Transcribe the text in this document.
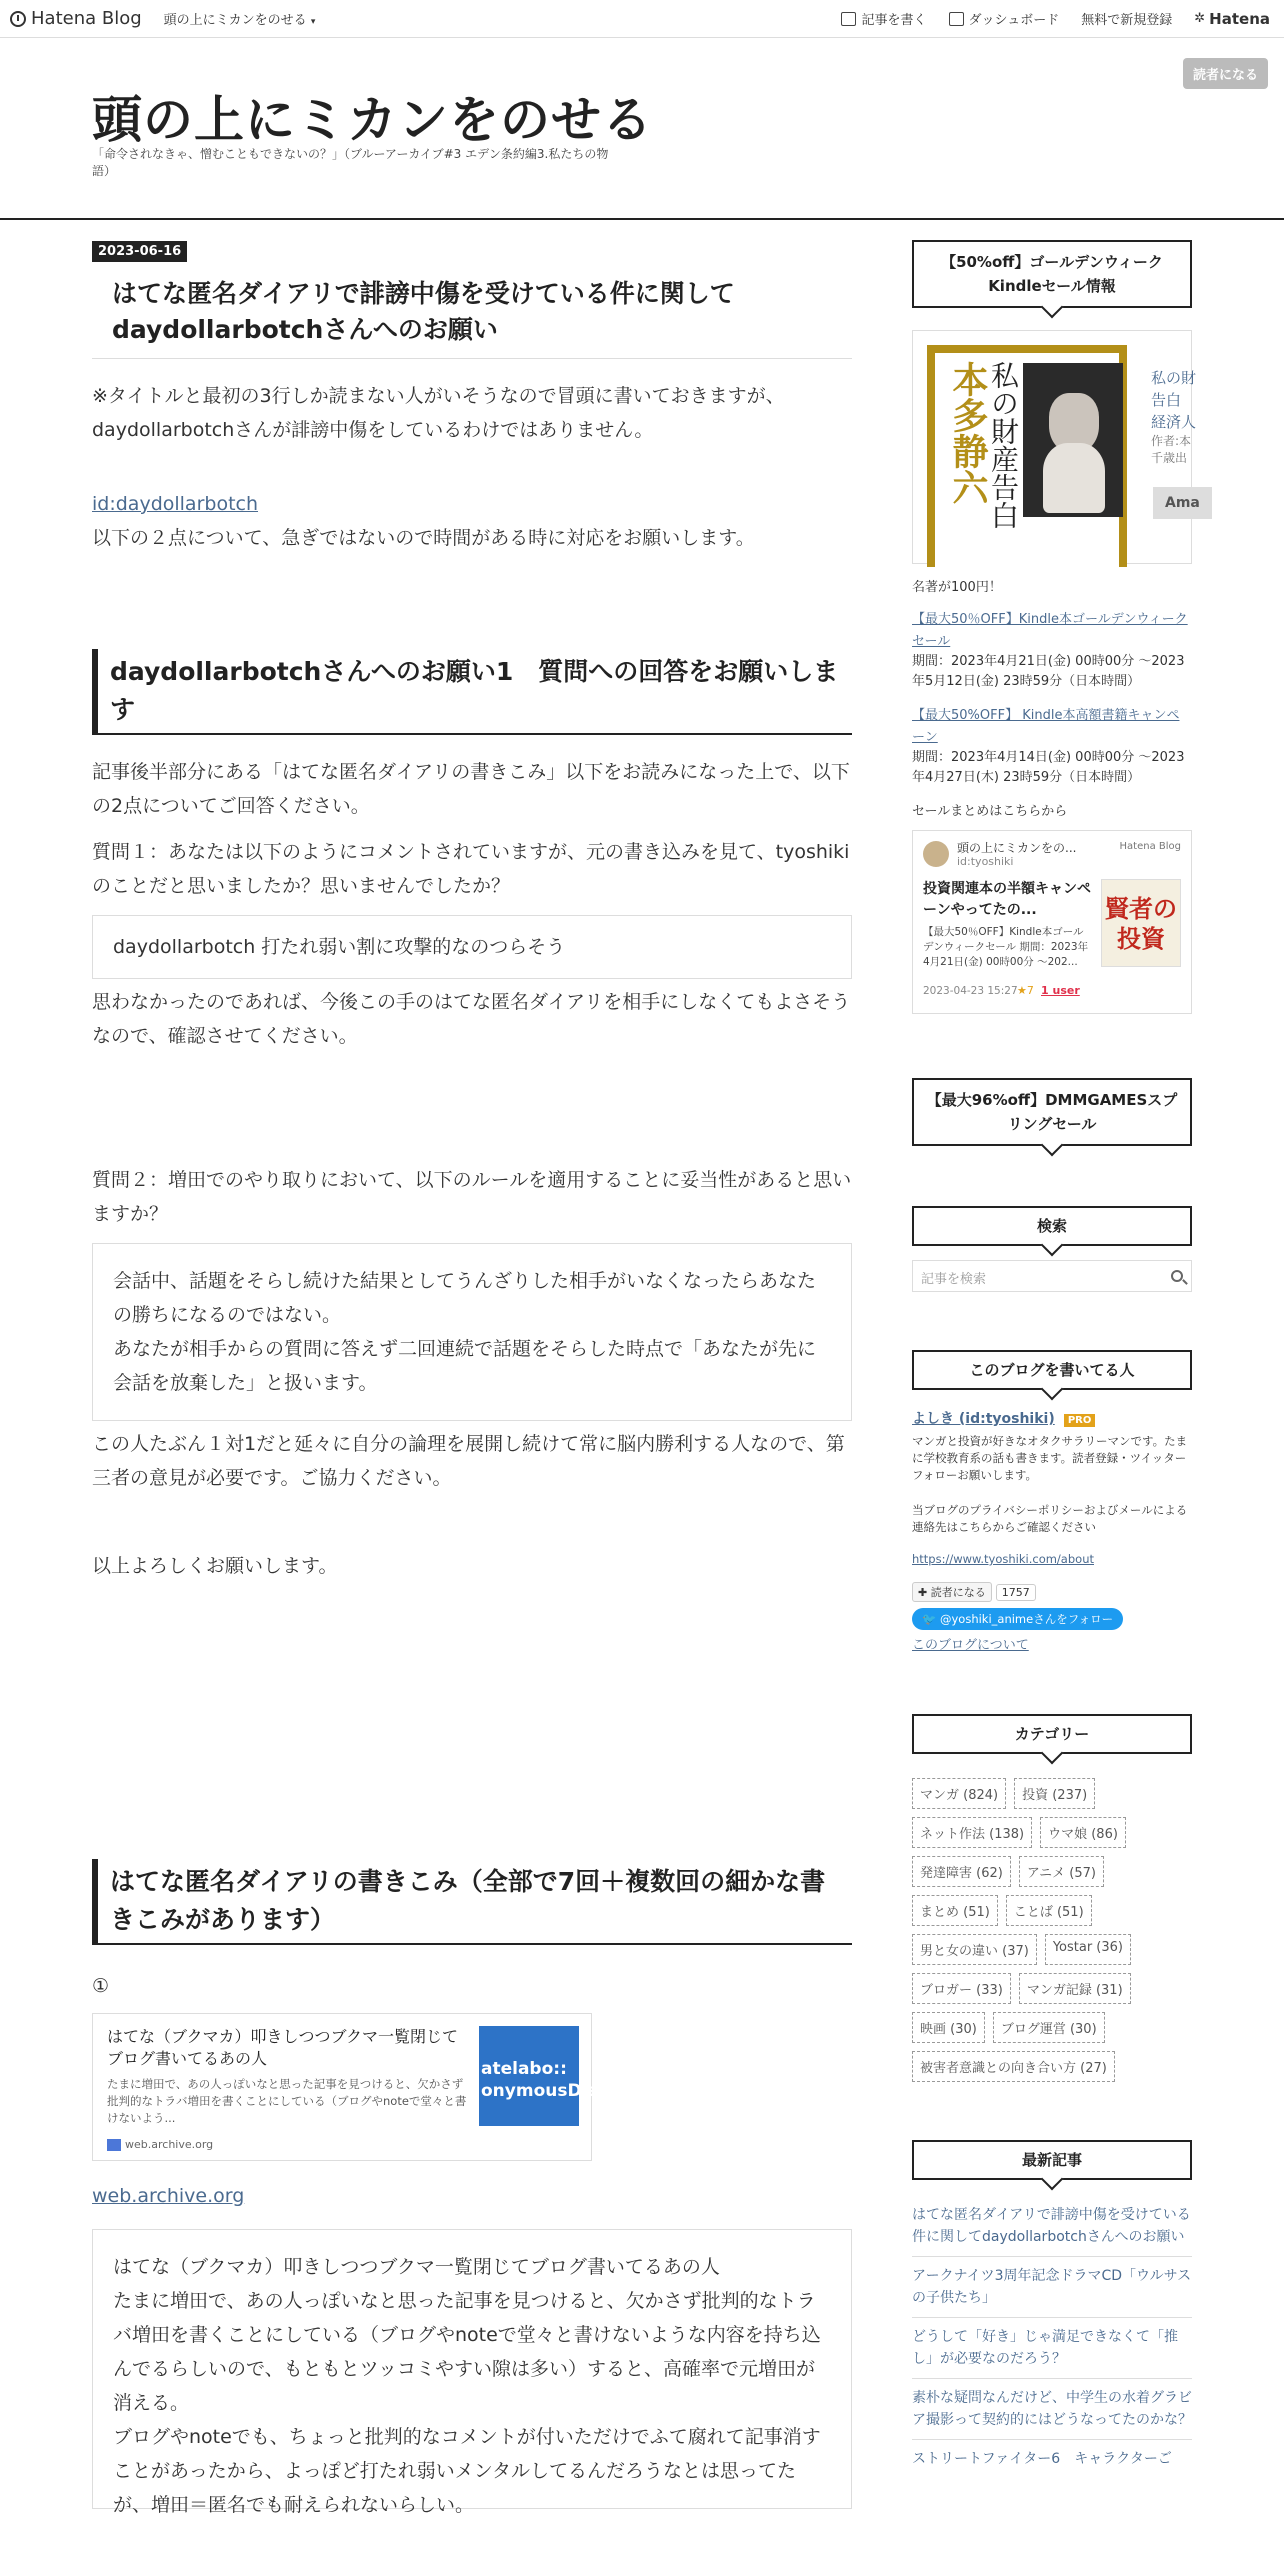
Hatena Blog 頭の上にミカンをのせる ▾	記事を書く	ダッシュボード 無料で新規登録 ✲ Hatena
頭の上にミカンをのせる
「命令されなきゃ、憎むこともできないの？」（ブルーアーカイブ#3 エデン条約編3.私たちの物語）
読者になる
2023-06-16
はてな匿名ダイアリで誹謗中傷を受けている件に関して daydollarbotchさんへのお願い
※タイトルと最初の3行しか読まない人がいそうなので冒頭に書いておきますが、daydollarbotchさんが誹謗中傷をしているわけではありません。
id:daydollarbotch
以下の２点について、急ぎではないので時間がある時に対応をお願いします。
daydollarbotchさんへのお願い1　質問への回答をお願いします
記事後半部分にある「はてな匿名ダイアリの書きこみ」以下をお読みになった上で、以下の2点についてご回答ください。
質問１：あなたは以下のようにコメントされていますが、元の書き込みを見て、tyoshikiのことだと思いましたか？思いませんでしたか？
daydollarbotch 打たれ弱い割に攻撃的なのつらそう
思わなかったのであれば、今後この手のはてな匿名ダイアリを相手にしなくてもよさそうなので、確認させてください。
質問２：増田でのやり取りにおいて、以下のルールを適用することに妥当性があると思いますか？
会話中、話題をそらし続けた結果としてうんざりした相手がいなくなったらあなたの勝ちになるのではない。
あなたが相手からの質問に答えず二回連続で話題をそらした時点で「あなたが先に会話を放棄した」と扱います。
この人たぶん１対1だと延々に自分の論理を展開し続けて常に脳内勝利する人なので、第三者の意見が必要です。ご協力ください。
以上よろしくお願いします。
はてな匿名ダイアリの書きこみ（全部で7回＋複数回の細かな書きこみがあります）
①
はてな（ブクマカ）叩きしつつブクマ一覧閉じてブログ書いてるあの人
たまに増田で、あの人っぽいなと思った記事を見つけると、欠かさず批判的なトラバ増田を書くことにしている（ブログやnoteで堂々と書けないよう...
web.archive.org
atelabo::
onymousDiar
web.archive.org
はてな（ブクマカ）叩きしつつブクマ一覧閉じてブログ書いてるあの人
たまに増田で、あの人っぽいなと思った記事を見つけると、欠かさず批判的なトラバ増田を書くことにしている（ブログやnoteで堂々と書けないような内容を持ち込んでるらしいので、もともとツッコミやすい隙は多い）すると、高確率で元増田が消える。
ブログやnoteでも、ちょっと批判的なコメントが付いただけでふて腐れて記事消すことがあったから、よっぽど打たれ弱いメンタルしてるんだろうなとは思ってたが、増田＝匿名でも耐えられないらしい。
【50%off】ゴールデンウィークKindleセール情報
本多静六
私の財産告白	私の財
告白
経済人
作者:本
千歳出
Ama
名著が100円！
【最大50％OFF】Kindle本ゴールデンウィークセール
期間：2023年4月21日(金) 00時00分 ～2023年5月12日(金) 23時59分（日本時間）
【最大50%OFF】 Kindle本高額書籍キャンペーン
期間：2023年4月14日(金) 00時00分 ～2023年4月27日(木) 23時59分（日本時間）
セールまとめはこちらから
頭の上にミカンをの...
id:tyoshiki
Hatena Blog
投資関連本の半額キャンペーンやってたの...
【最大50％OFF】Kindle本ゴールデンウィークセール 期間：2023年4月21日(金) 00時00分 ～202...
賢者の投資
2023-04-23 15:27 ★7 1 user
【最大96%off】DMMGAMESスプリングセール
検索
記事を検索
このブログを書いてる人
よしき (id:tyoshiki) PRO
マンガと投資が好きなオタクサラリーマンです。たまに学校教育系の話も書きます。読者登録・ツイッターフォローお願いします。
当ブログのプライバシーポリシーおよびメールによる連絡先はこちらからご確認ください
https://www.tyoshiki.com/about
✚ 読者になる 1757
🐦 @yoshiki_animeさんをフォロー
このブログについて
カテゴリー
マンガ (824)	投資 (237)
ネット作法 (138)	ウマ娘 (86)
発達障害 (62)	アニメ (57)
まとめ (51)	ことば (51)
男と女の違い (37)	Yostar (36)
ブロガー (33)	マンガ記録 (31)
映画 (30)	ブログ運営 (30)
被害者意識との向き合い方 (27)
最新記事
はてな匿名ダイアリで誹謗中傷を受けている件に関してdaydollarbotchさんへのお願い
アークナイツ3周年記念ドラマCD「ウルサスの子供たち」
どうして「好き」じゃ満足できなくて「推し」が必要なのだろう？
素朴な疑問なんだけど、中学生の水着グラビア撮影って契約的にはどうなってたのかな？
ストリートファイター6　キャラクターご
